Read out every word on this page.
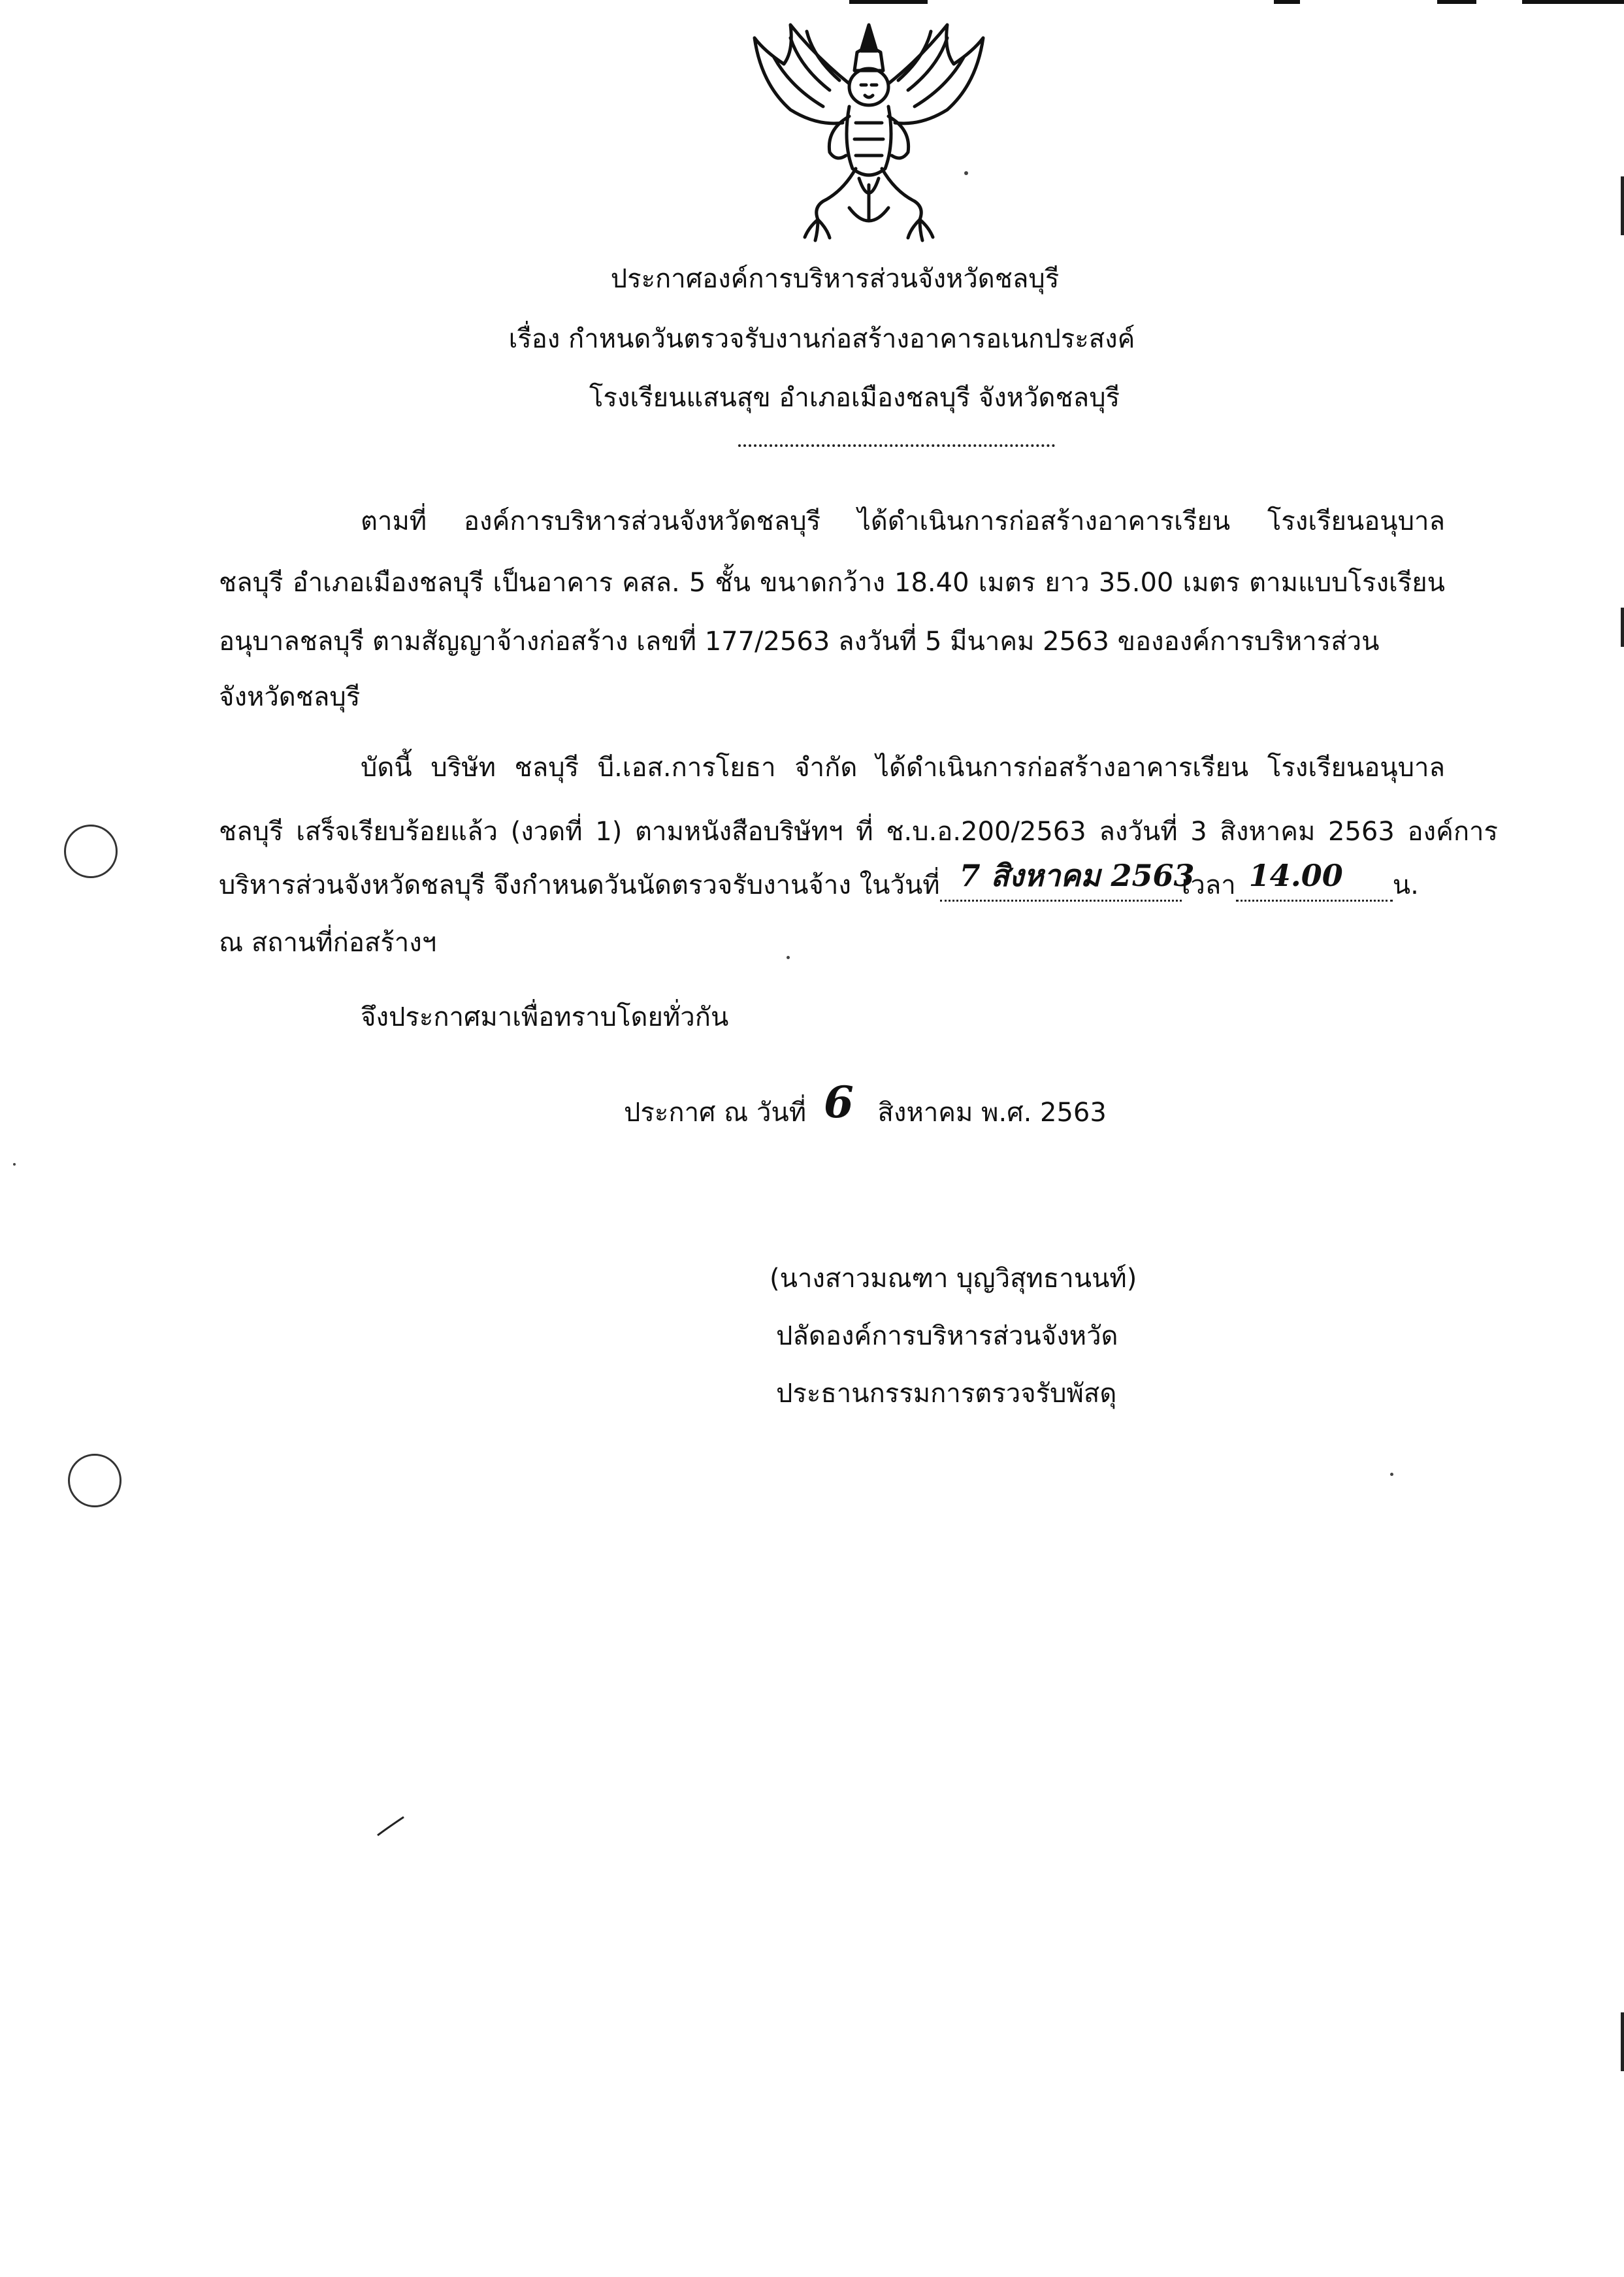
ประกาศองค์การบริหารส่วนจังหวัดชลบุรี
เรื่อง กำหนดวันตรวจรับงานก่อสร้างอาคารอเนกประสงค์
โรงเรียนแสนสุข อำเภอเมืองชลบุรี จังหวัดชลบุรี
ตามที่ องค์การบริหารส่วนจังหวัดชลบุรี ได้ดำเนินการก่อสร้างอาคารเรียน โรงเรียนอนุบาล
ชลบุรี อำเภอเมืองชลบุรี เป็นอาคาร คสล. 5 ชั้น ขนาดกว้าง 18.40 เมตร ยาว 35.00 เมตร ตามแบบโรงเรียน
อนุบาลชลบุรี ตามสัญญาจ้างก่อสร้าง เลขที่ 177/2563 ลงวันที่ 5 มีนาคม 2563 ขององค์การบริหารส่วน
จังหวัดชลบุรี
บัดนี้ บริษัท ชลบุรี บี.เอส.การโยธา จำกัด ได้ดำเนินการก่อสร้างอาคารเรียน โรงเรียนอนุบาล
ชลบุรี เสร็จเรียบร้อยแล้ว (งวดที่ 1) ตามหนังสือบริษัทฯ ที่ ช.บ.อ.200/2563 ลงวันที่ 3 สิงหาคม 2563 องค์การ
บริหารส่วนจังหวัดชลบุรี จึงกำหนดวันนัดตรวจรับงานจ้าง ในวันที่ 7 สิงหาคม 2563
เวลา 14.00 น.
ณ สถานที่ก่อสร้างฯ
จึงประกาศมาเพื่อทราบโดยทั่วกัน
ประกาศ ณ วันที่ 6 สิงหาคม พ.ศ. 2563
(นางสาวมณฑา บุญวิสุทธานนท์)
ปลัดองค์การบริหารส่วนจังหวัด
ประธานกรรมการตรวจรับพัสดุ
